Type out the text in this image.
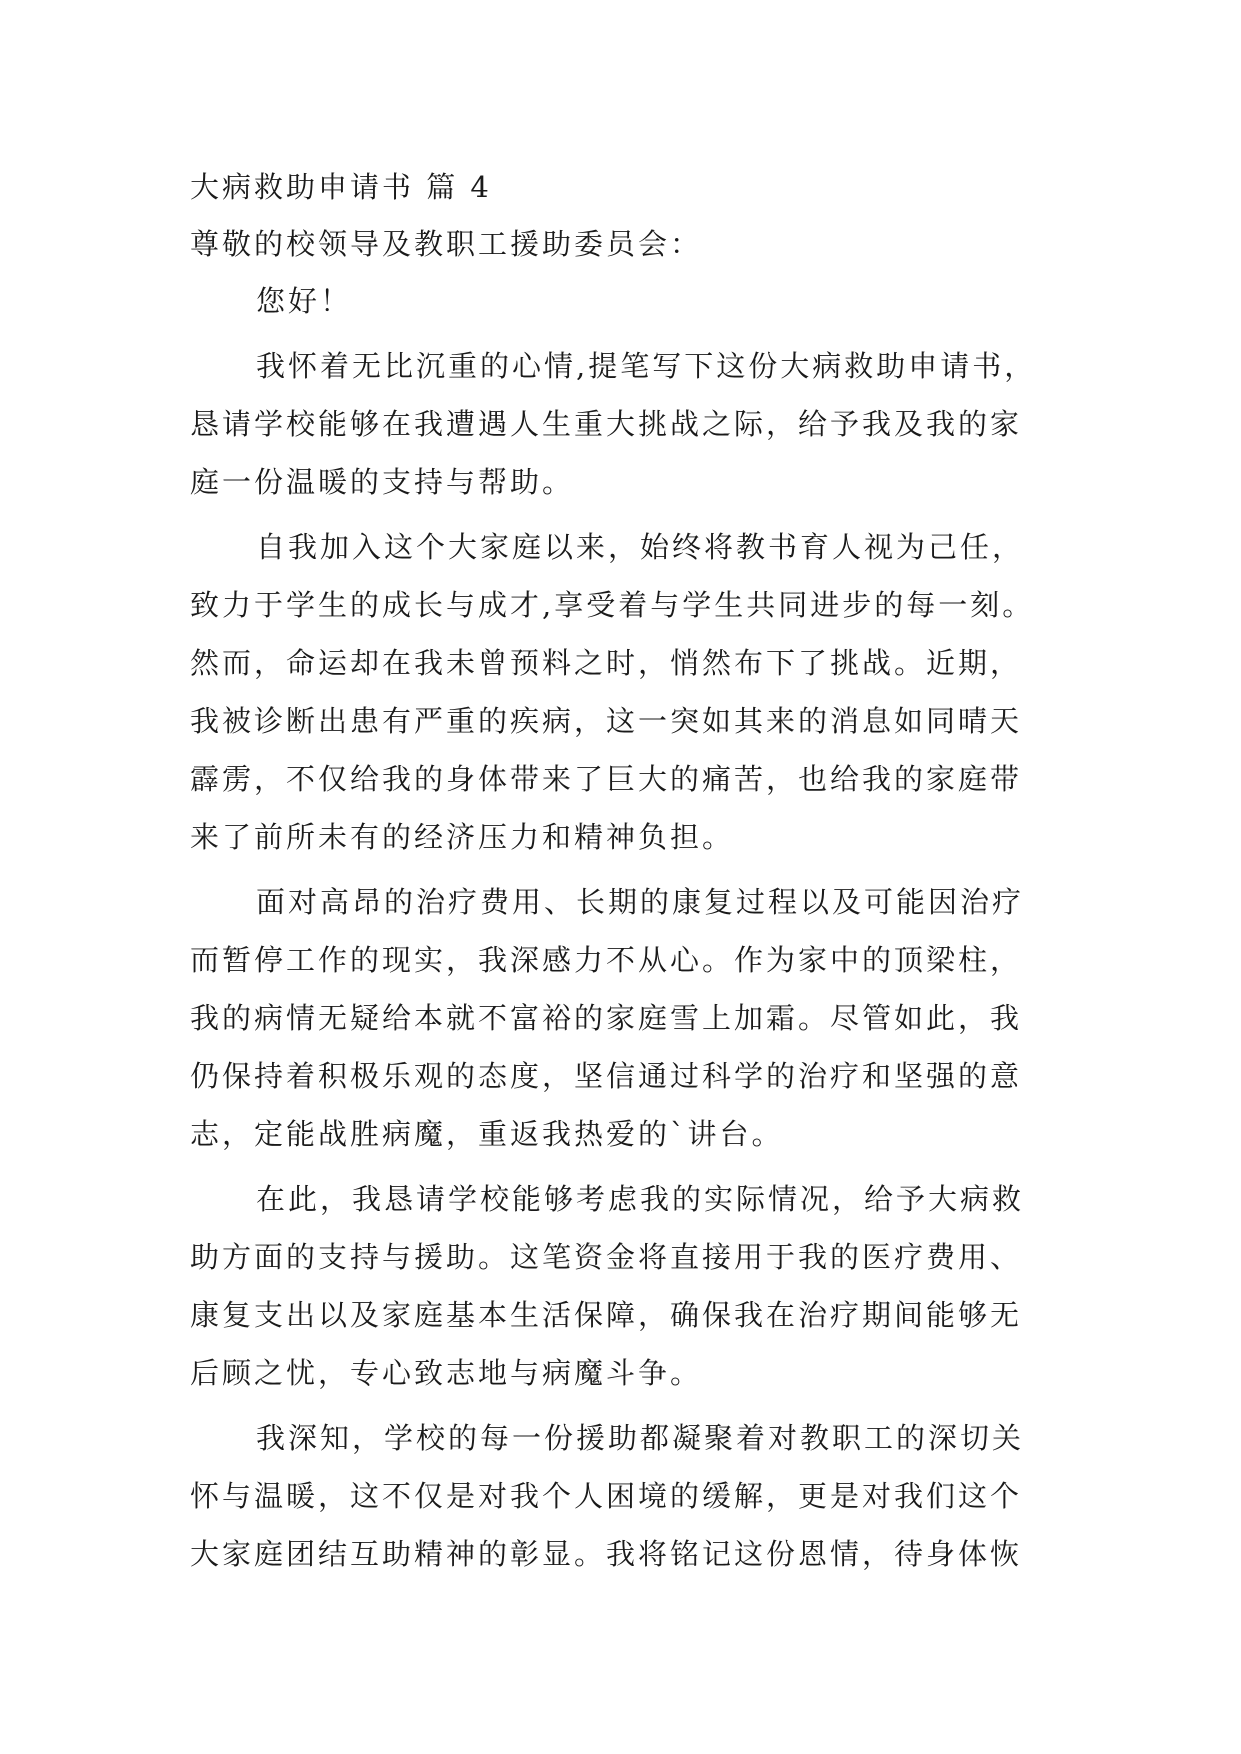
大病救助申请书 篇 4
尊敬的校领导及教职工援助委员会：
您好！
我怀着无比沉重的心情,提笔写下这份大病救助申请书，
恳请学校能够在我遭遇人生重大挑战之际，给予我及我的家
庭一份温暖的支持与帮助。
自我加入这个大家庭以来，始终将教书育人视为己任，
致力于学生的成长与成才,享受着与学生共同进步的每一刻。
然而，命运却在我未曾预料之时，悄然布下了挑战。近期，
我被诊断出患有严重的疾病，这一突如其来的消息如同晴天
霹雳，不仅给我的身体带来了巨大的痛苦，也给我的家庭带
来了前所未有的经济压力和精神负担。
面对高昂的治疗费用、长期的康复过程以及可能因治疗
而暂停工作的现实，我深感力不从心。作为家中的顶梁柱，
我的病情无疑给本就不富裕的家庭雪上加霜。尽管如此，我
仍保持着积极乐观的态度，坚信通过科学的治疗和坚强的意
志，定能战胜病魔，重返我热爱的`讲台。
在此，我恳请学校能够考虑我的实际情况，给予大病救
助方面的支持与援助。这笔资金将直接用于我的医疗费用、
康复支出以及家庭基本生活保障，确保我在治疗期间能够无
后顾之忧，专心致志地与病魔斗争。
我深知，学校的每一份援助都凝聚着对教职工的深切关
怀与温暖，这不仅是对我个人困境的缓解，更是对我们这个
大家庭团结互助精神的彰显。我将铭记这份恩情，待身体恢
